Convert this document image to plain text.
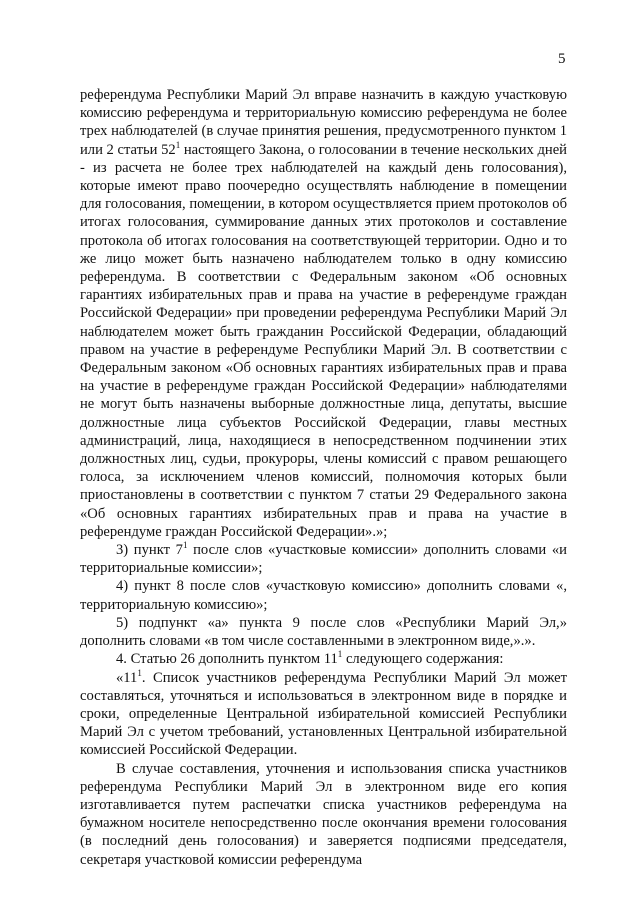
5

референдума Республики Марий Эл вправе назначить в каждую участковую комиссию референдума и территориальную комиссию референдума не более трех наблюдателей (в случае принятия решения, предусмотренного пунктом 1 или 2 статьи $52^1$ настоящего Закона, о голосовании в течение нескольких дней - из расчета не более трех наблюдателей на каждый день голосования), которые имеют право поочередно осуществлять наблюдение в помещении для голосования, помещении, в котором осуществляется прием протоколов об итогах голосования, суммирование данных этих протоколов и составление протокола об итогах голосования на соответствующей территории. Одно и то же лицо может быть назначено наблюдателем только в одну комиссию референдума. В соответствии с Федеральным законом «Об основных гарантиях избирательных прав и права на участие в референдуме граждан Российской Федерации» при проведении референдума Республики Марий Эл наблюдателем может быть гражданин Российской Федерации, обладающий правом на участие в референдуме Республики Марий Эл. В соответствии с Федеральным законом «Об основных гарантиях избирательных прав и права на участие в референдуме граждан Российской Федерации» наблюдателями не могут быть назначены выборные должностные лица, депутаты, высшие должностные лица субъектов Российской Федерации, главы местных администраций, лица, находящиеся в непосредственном подчинении этих должностных лиц, судьи, прокуроры, члены комиссий с правом решающего голоса, за исключением членов комиссий, полномочия которых были приостановлены в соответствии с пунктом 7 статьи 29 Федерального закона «Об основных гарантиях избирательных прав и права на участие в референдуме граждан Российской Федерации».»;

3) пункт $7^1$ после слов «участковые комиссии» дополнить словами «и территориальные комиссии»;

4) пункт 8 после слов «участковую комиссию» дополнить словами «, территориальную комиссию»;

5) подпункт «а» пункта 9 после слов «Республики Марий Эл,» дополнить словами «в том числе составленными в электронном виде,».».

4. Статью 26 дополнить пунктом $11^1$ следующего содержания:

«$11^1$. Список участников референдума Республики Марий Эл может составляться, уточняться и использоваться в электронном виде в порядке и сроки, определенные Центральной избирательной комиссией Республики Марий Эл с учетом требований, установленных Центральной избирательной комиссией Российской Федерации.

В случае составления, уточнения и использования списка участников референдума Республики Марий Эл в электронном виде его копия изготавливается путем распечатки списка участников референдума на бумажном носителе непосредственно после окончания времени голосования (в последний день голосования) и заверяется подписями председателя, секретаря участковой комиссии референдума
